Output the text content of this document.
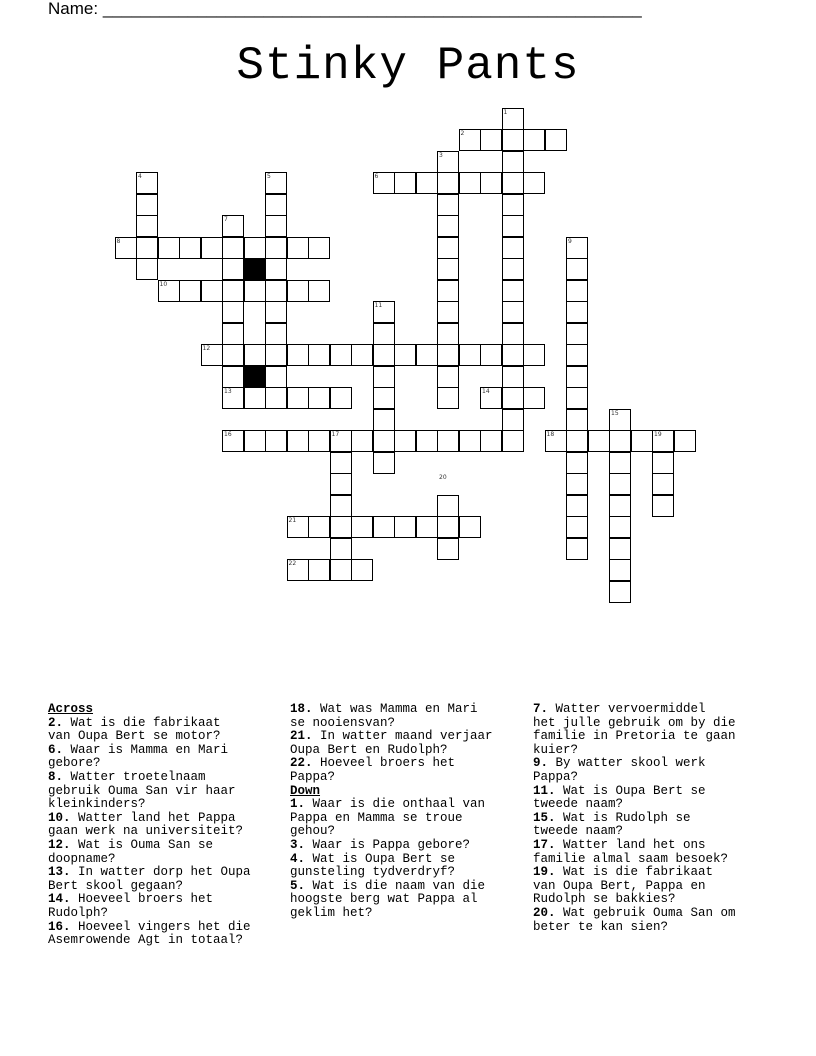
Name: _________________________________________________________
Stinky Pants
1
2
3
4	5	6
7
8	9
10
11
12
13	14
15
16	17	18	19
20
21
22
Across
2. Wat is die fabrikaat
van Oupa Bert se motor?
6. Waar is Mamma en Mari
gebore?
8. Watter troetelnaam
gebruik Ouma San vir haar
kleinkinders?
10. Watter land het Pappa
gaan werk na universiteit?
12. Wat is Ouma San se
doopname?
13. In watter dorp het Oupa
Bert skool gegaan?
14. Hoeveel broers het
Rudolph?
16. Hoeveel vingers het die
Asemrowende Agt in totaal?
18. Wat was Mamma en Mari
se nooiensvan?
21. In watter maand verjaar
Oupa Bert en Rudolph?
22. Hoeveel broers het
Pappa?
Down
1. Waar is die onthaal van
Pappa en Mamma se troue
gehou?
3. Waar is Pappa gebore?
4. Wat is Oupa Bert se
gunsteling tydverdryf?
5. Wat is die naam van die
hoogste berg wat Pappa al
geklim het?
7. Watter vervoermiddel
het julle gebruik om by die
familie in Pretoria te gaan
kuier?
9. By watter skool werk
Pappa?
11. Wat is Oupa Bert se
tweede naam?
15. Wat is Rudolph se
tweede naam?
17. Watter land het ons
familie almal saam besoek?
19. Wat is die fabrikaat
van Oupa Bert, Pappa en
Rudolph se bakkies?
20. Wat gebruik Ouma San om
beter te kan sien?
